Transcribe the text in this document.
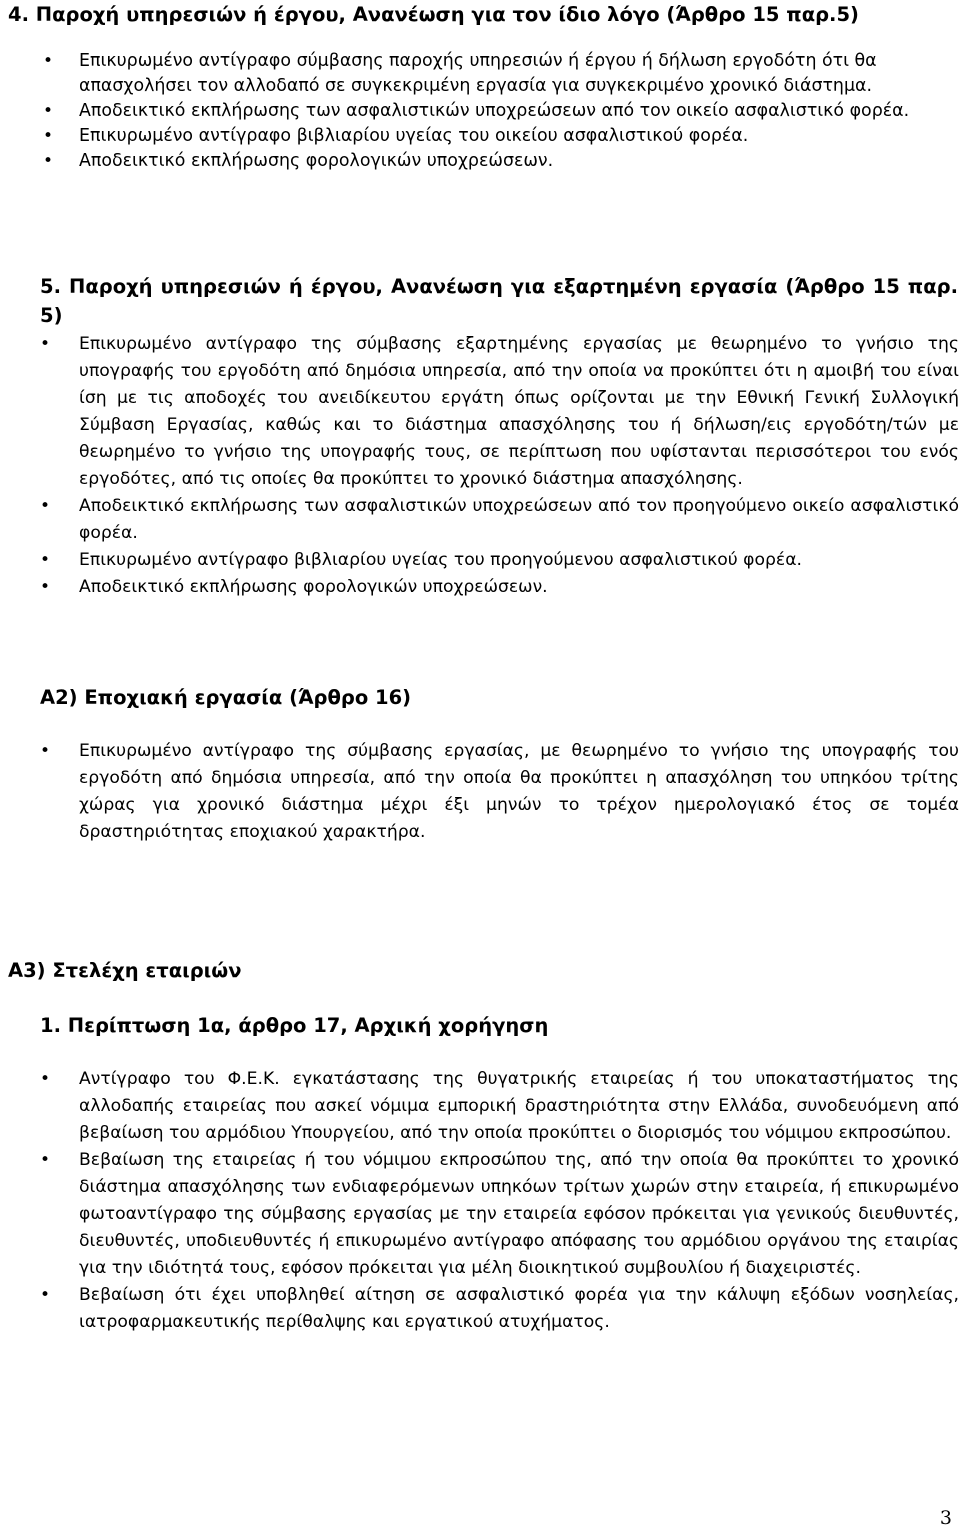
4. Παροχή υπηρεσιών ή έργου, Ανανέωση για τον ίδιο λόγο (Άρθρο 15 παρ.5)
• Επικυρωμένο αντίγραφο σύμβασης παροχής υπηρεσιών ή έργου ή δήλωση εργοδότη ότι θα απασχολήσει τον αλλοδαπό σε συγκεκριμένη εργασία για συγκεκριμένο χρονικό διάστημα.
• Αποδεικτικό εκπλήρωσης των ασφαλιστικών υποχρεώσεων από τον οικείο ασφαλιστικό φορέα.
• Επικυρωμένο αντίγραφο βιβλιαρίου υγείας του οικείου ασφαλιστικού φορέα.
• Αποδεικτικό εκπλήρωσης φορολογικών υποχρεώσεων.
5. Παροχή υπηρεσιών ή έργου, Ανανέωση για εξαρτημένη εργασία (Άρθρο 15 παρ. 5)
•	Επικυρωμένο αντίγραφο της σύμβασης εξαρτημένης εργασίας με θεωρημένο το γνήσιο της υπογραφής του εργοδότη από δημόσια υπηρεσία, από την οποία να προκύπτει ότι η αμοιβή του είναι ίση με τις αποδοχές του ανειδίκευτου εργάτη όπως ορίζονται με την Εθνική Γενική Συλλογική Σύμβαση Εργασίας, καθώς και το διάστημα απασχόλησης του ή δήλωση/εις εργοδότη/τών με θεωρημένο το γνήσιο της υπογραφής τους, σε περίπτωση που υφίστανται περισσότεροι του ενός εργοδότες, από τις οποίες θα προκύπτει το χρονικό διάστημα απασχόλησης.
•	Αποδεικτικό εκπλήρωσης των ασφαλιστικών υποχρεώσεων από τον προηγούμενο οικείο ασφαλιστικό φορέα.
•	Επικυρωμένο αντίγραφο βιβλιαρίου υγείας του προηγούμενου ασφαλιστικού φορέα.
•	Αποδεικτικό εκπλήρωσης φορολογικών υποχρεώσεων.
Α2) Εποχιακή εργασία (Άρθρο 16)
•	Επικυρωμένο αντίγραφο της σύμβασης εργασίας, με θεωρημένο το γνήσιο της υπογραφής του εργοδότη από δημόσια υπηρεσία, από την οποία θα προκύπτει η απασχόληση του υπηκόου τρίτης χώρας για χρονικό διάστημα μέχρι έξι μηνών το τρέχον ημερολογιακό έτος σε τομέα δραστηριότητας εποχιακού χαρακτήρα.
Α3) Στελέχη εταιριών
1. Περίπτωση 1α, άρθρο 17, Αρχική χορήγηση
•	Αντίγραφο του Φ.Ε.Κ. εγκατάστασης της θυγατρικής εταιρείας ή του υποκαταστήματος της αλλοδαπής εταιρείας που ασκεί νόμιμα εμπορική δραστηριότητα στην Ελλάδα, συνοδευόμενη από βεβαίωση του αρμόδιου Υπουργείου, από την οποία προκύπτει ο διορισμός του νόμιμου εκπροσώπου.
•	Βεβαίωση της εταιρείας ή του νόμιμου εκπροσώπου της, από την οποία θα προκύπτει το χρονικό διάστημα απασχόλησης των ενδιαφερόμενων υπηκόων τρίτων χωρών στην εταιρεία, ή επικυρωμένο φωτοαντίγραφο της σύμβασης εργασίας με την εταιρεία εφόσον πρόκειται για γενικούς διευθυντές, διευθυντές, υποδιευθυντές ή επικυρωμένο αντίγραφο απόφασης του αρμόδιου οργάνου της εταιρίας για την ιδιότητά τους, εφόσον πρόκειται για μέλη διοικητικού συμβουλίου ή διαχειριστές.
•	Βεβαίωση ότι έχει υποβληθεί αίτηση σε ασφαλιστικό φορέα για την κάλυψη εξόδων νοσηλείας, ιατροφαρμακευτικής περίθαλψης και εργατικού ατυχήματος.
3
